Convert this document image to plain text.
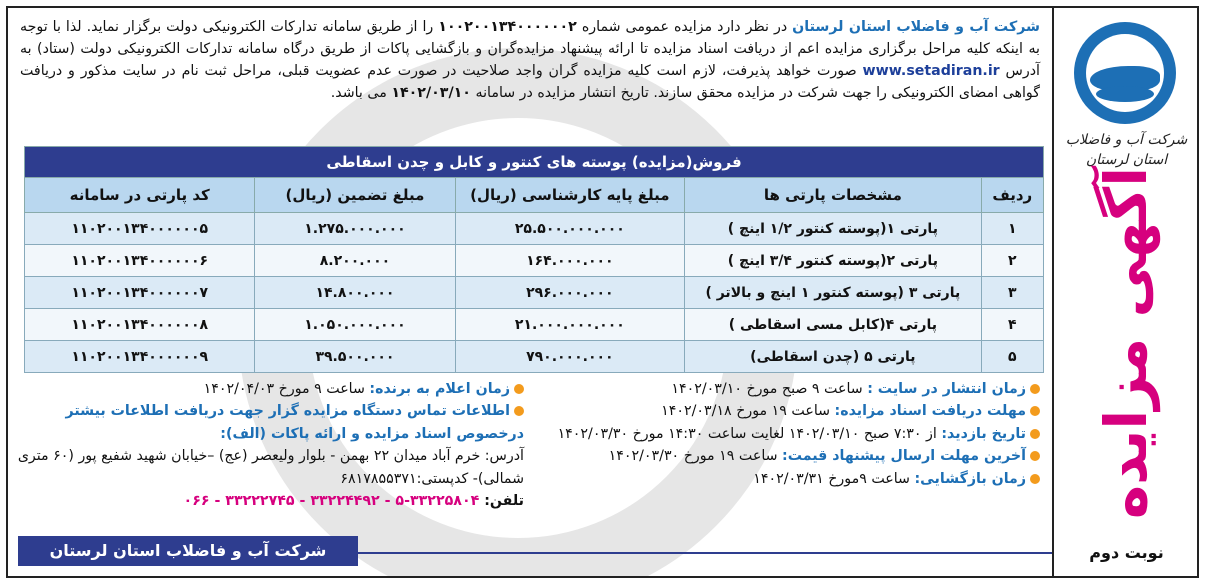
شرکت آب و فاضلاب استان لرستان
آگهی مزایده
نوبت دوم
شرکت آب و فاضلاب استان لرستان در نظر دارد مزایده عمومی شماره ۱۰۰۲۰۰۱۳۴۰۰۰۰۰۰۲ را از طریق سامانه تدارکات الکترونیکی دولت برگزار نماید. لذا با توجه به اینکه کلیه مراحل برگزاری مزایده اعم از دریافت اسناد مزایده تا ارائه پیشنهاد مزایده‌گران و بازگشایی پاکات از طریق درگاه سامانه تدارکات الکترونیکی دولت (ستاد) به آدرس www.setadiran.ir صورت خواهد پذیرفت، لازم است کلیه مزایده گران واجد صلاحیت در صورت عدم عضویت قبلی، مراحل ثبت نام در سایت مذکور و دریافت گواهی امضای الکترونیکی را جهت شرکت در مزایده محقق سازند. تاریخ انتشار مزایده در سامانه ۱۴۰۲/۰۳/۱۰ می باشد.
فروش(مزایده) پوسته های کنتور و کابل و چدن اسقاطی				
ردیف	مشخصات پارتی ها	مبلغ پایه کارشناسی (ریال)	مبلغ تضمین (ریال)	کد پارتی در سامانه
۱	پارتی ۱(پوسته کنتور ۱/۲ اینچ )	۲۵.۵۰۰.۰۰۰.۰۰۰	۱.۲۷۵.۰۰۰.۰۰۰	۱۱۰۲۰۰۱۳۴۰۰۰۰۰۰۵
۲	پارتی ۲(پوسته کنتور ۳/۴ اینچ )	۱۶۴.۰۰۰.۰۰۰	۸.۲۰۰.۰۰۰	۱۱۰۲۰۰۱۳۴۰۰۰۰۰۰۶
۳	پارتی ۳ (پوسته کنتور ۱ اینچ و بالاتر )	۲۹۶.۰۰۰.۰۰۰	۱۴.۸۰۰.۰۰۰	۱۱۰۲۰۰۱۳۴۰۰۰۰۰۰۷
۴	پارتی ۴(کابل مسی اسقاطی )	۲۱.۰۰۰.۰۰۰.۰۰۰	۱.۰۵۰.۰۰۰.۰۰۰	۱۱۰۲۰۰۱۳۴۰۰۰۰۰۰۸
۵	پارتی ۵ (چدن اسقاطی)	۷۹۰.۰۰۰.۰۰۰	۳۹.۵۰۰.۰۰۰	۱۱۰۲۰۰۱۳۴۰۰۰۰۰۰۹
زمان انتشار در سایت : ساعت ۹ صبح مورخ ۱۴۰۲/۰۳/۱۰
مهلت دریافت اسناد مزایده: ساعت ۱۹ مورخ ۱۴۰۲/۰۳/۱۸
تاریخ بازدید: از ۷:۳۰ صبح ۱۴۰۲/۰۳/۱۰ لغایت ساعت ۱۴:۳۰ مورخ ۱۴۰۲/۰۳/۳۰
آخرین مهلت ارسال پیشنهاد قیمت: ساعت ۱۹ مورخ ۱۴۰۲/۰۳/۳۰
زمان بازگشایی: ساعت ۹مورخ ۱۴۰۲/۰۳/۳۱
زمان اعلام به برنده: ساعت ۹ مورخ ۱۴۰۲/۰۴/۰۳
اطلاعات تماس دستگاه مزایده گزار جهت دریافت اطلاعات بیشتر درخصوص اسناد مزایده و ارائه پاکات (الف):
آدرس: خرم آباد میدان ۲۲ بهمن - بلوار ولیعصر (عج) –خیابان شهید شفیع پور (۶۰ متری شمالی)- کدپستی:۶۸۱۷۸۵۵۳۷۱
تلفن: ۳۳۲۲۵۸۰۴-۵ - ۳۳۲۲۴۴۹۲ - ۳۳۲۲۲۷۴۵ - ۰۶۶
شرکت آب و فاضلاب استان لرستان
